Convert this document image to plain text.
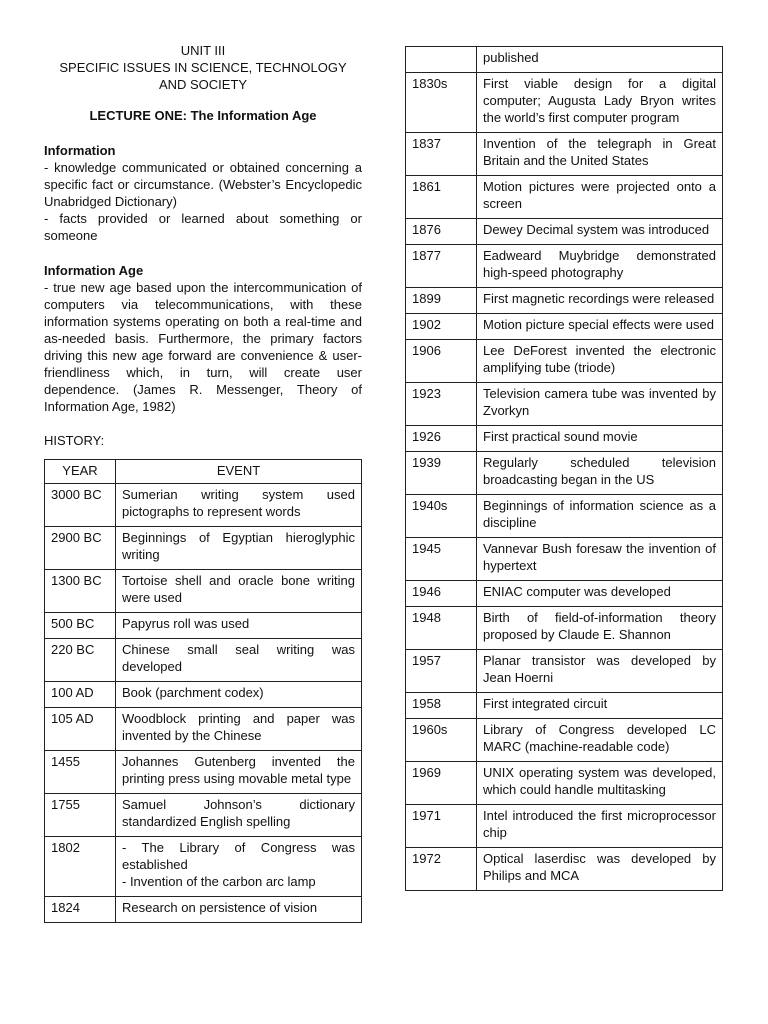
UNIT III
SPECIFIC ISSUES IN SCIENCE, TECHNOLOGY
AND SOCIETY
LECTURE ONE: The Information Age
Information
- knowledge communicated or obtained concerning a specific fact or circumstance. (Webster’s Encyclopedic Unabridged Dictionary)
- facts provided or learned about something or someone
Information Age
- true new age based upon the intercommunication of computers via telecommunications, with these information systems operating on both a real-time and as-needed basis. Furthermore, the primary factors driving this new age forward are convenience & user-friendliness which, in turn, will create user dependence. (James R. Messenger, Theory of Information Age, 1982)
HISTORY:
YEAR	EVENT
3000 BC	Sumerian writing system used pictographs to represent words
2900 BC	Beginnings of Egyptian hieroglyphic writing
1300 BC	Tortoise shell and oracle bone writing were used
500 BC	Papyrus roll was used
220 BC	Chinese small seal writing was developed
100 AD	Book (parchment codex)
105 AD	Woodblock printing and paper was invented by the Chinese
1455	Johannes Gutenberg invented the printing press using movable metal type
1755	Samuel Johnson’s dictionary standardized English spelling
1802	- The Library of Congress was established
- Invention of the carbon arc lamp

1824	Research on persistence of vision
	published
1830s	First viable design for a digital computer; Augusta Lady Bryon writes the world’s first computer program
1837	Invention of the telegraph in Great Britain and the United States
1861	Motion pictures were projected onto a screen
1876	Dewey Decimal system was introduced
1877	Eadweard Muybridge demonstrated high-speed photography
1899	First magnetic recordings were released
1902	Motion picture special effects were used
1906	Lee DeForest invented the electronic amplifying tube (triode)
1923	Television camera tube was invented by Zvorkyn
1926	First practical sound movie
1939	Regularly scheduled television broadcasting began in the US
1940s	Beginnings of information science as a discipline
1945	Vannevar Bush foresaw the invention of hypertext
1946	ENIAC computer was developed
1948	Birth of field-of-information theory proposed by Claude E. Shannon
1957	Planar transistor was developed by Jean Hoerni
1958	First integrated circuit
1960s	Library of Congress developed LC MARC (machine-readable code)
1969	UNIX operating system was developed, which could handle multitasking
1971	Intel introduced the first microprocessor chip
1972	Optical laserdisc was developed by Philips and MCA
